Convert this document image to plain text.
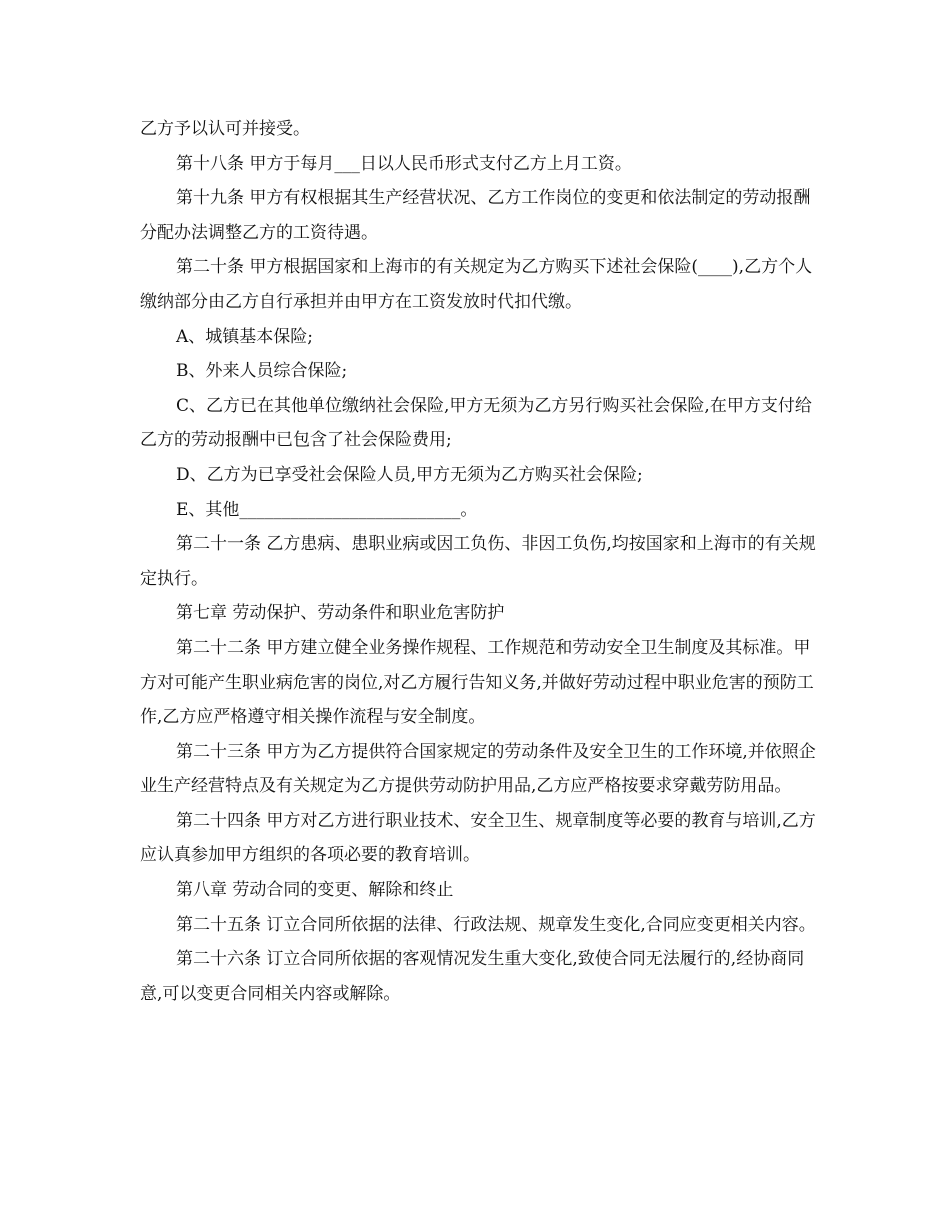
乙方予以认可并接受。

第十八条 甲方于每月___日以人民币形式支付乙方上月工资。

第十九条 甲方有权根据其生产经营状况、乙方工作岗位的变更和依法制定的劳动报酬分配办法调整乙方的工资待遇。

第二十条 甲方根据国家和上海市的有关规定为乙方购买下述社会保险(____),乙方个人缴纳部分由乙方自行承担并由甲方在工资发放时代扣代缴。

A、城镇基本保险;

B、外来人员综合保险;

C、乙方已在其他单位缴纳社会保险,甲方无须为乙方另行购买社会保险,在甲方支付给乙方的劳动报酬中已包含了社会保险费用;

D、乙方为已享受社会保险人员,甲方无须为乙方购买社会保险;

E、其他__________________________。

第二十一条 乙方患病、患职业病或因工负伤、非因工负伤,均按国家和上海市的有关规定执行。

第七章 劳动保护、劳动条件和职业危害防护

第二十二条 甲方建立健全业务操作规程、工作规范和劳动安全卫生制度及其标准。甲方对可能产生职业病危害的岗位,对乙方履行告知义务,并做好劳动过程中职业危害的预防工作,乙方应严格遵守相关操作流程与安全制度。

第二十三条 甲方为乙方提供符合国家规定的劳动条件及安全卫生的工作环境,并依照企业生产经营特点及有关规定为乙方提供劳动防护用品,乙方应严格按要求穿戴劳防用品。

第二十四条 甲方对乙方进行职业技术、安全卫生、规章制度等必要的教育与培训,乙方应认真参加甲方组织的各项必要的教育培训。

第八章 劳动合同的变更、解除和终止

第二十五条 订立合同所依据的法律、行政法规、规章发生变化,合同应变更相关内容。

第二十六条 订立合同所依据的客观情况发生重大变化,致使合同无法履行的,经协商同意,可以变更合同相关内容或解除。
